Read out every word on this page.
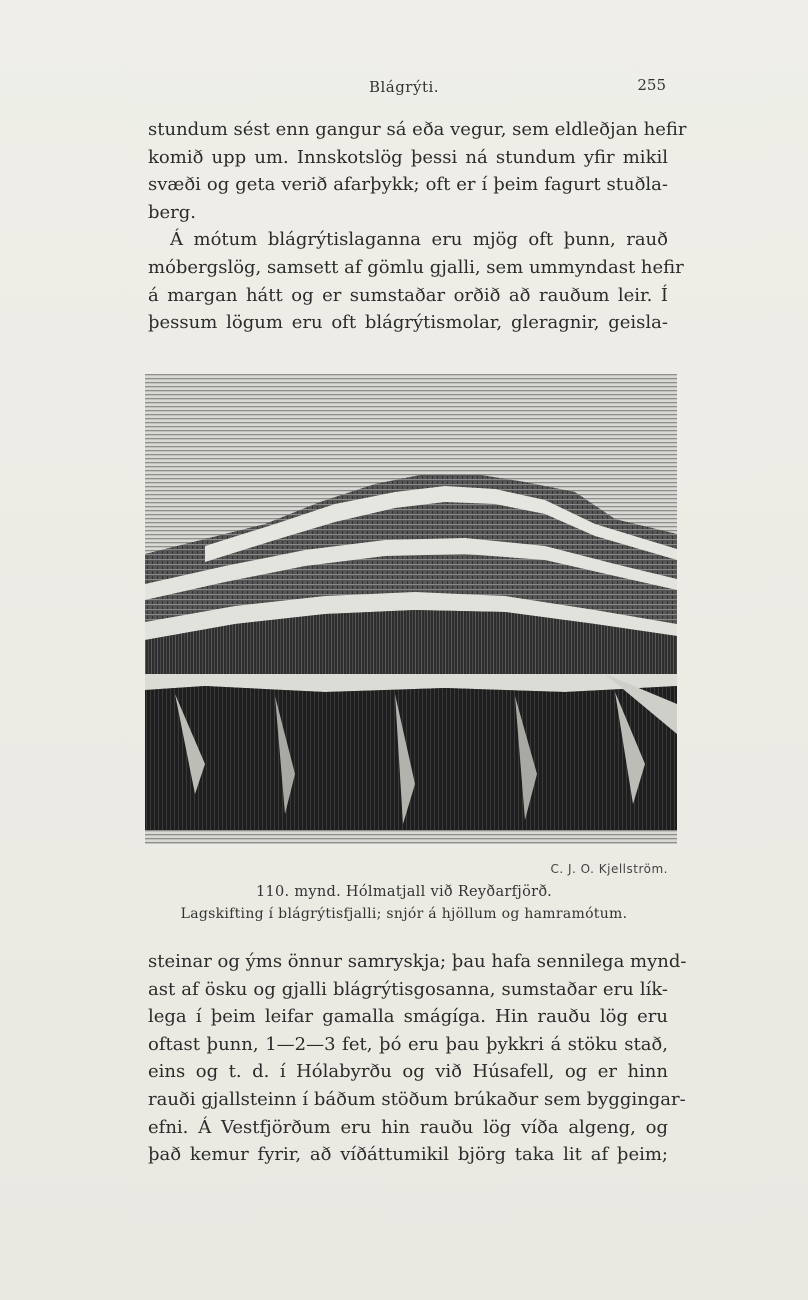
Blágrýti.	255
stundum sést enn gangur sá eða vegur, sem eldleðjan hefir
komið upp um. Innskotslög þessi ná stundum yfir mikil
svæði og geta verið afarþykk; oft er í þeim fagurt stuðla-
berg.
Á mótum blágrýtislaganna eru mjög oft þunn, rauð
móbergslög, samsett af gömlu gjalli, sem ummyndast hefir
á margan hátt og er sumstaðar orðið að rauðum leir. Í
þessum lögum eru oft blágrýtismolar, gleragnir, geisla-
C. J. O. Kjellström.
110. mynd. Hólmatjall við Reyðarfjörð.
Lagskifting í blágrýtisfjalli; snjór á hjöllum og hamramótum.
steinar og ýms önnur samryskja; þau hafa sennilega mynd-
ast af ösku og gjalli blágrýtisgosanna, sumstaðar eru lík-
lega í þeim leifar gamalla smágíga. Hin rauðu lög eru
oftast þunn, 1—2—3 fet, þó eru þau þykkri á stöku stað,
eins og t. d. í Hólabyrðu og við Húsafell, og er hinn
rauði gjallsteinn í báðum stöðum brúkaður sem byggingar-
efni. Á Vestfjörðum eru hin rauðu lög víða algeng, og
það kemur fyrir, að víðáttumikil björg taka lit af þeim;
